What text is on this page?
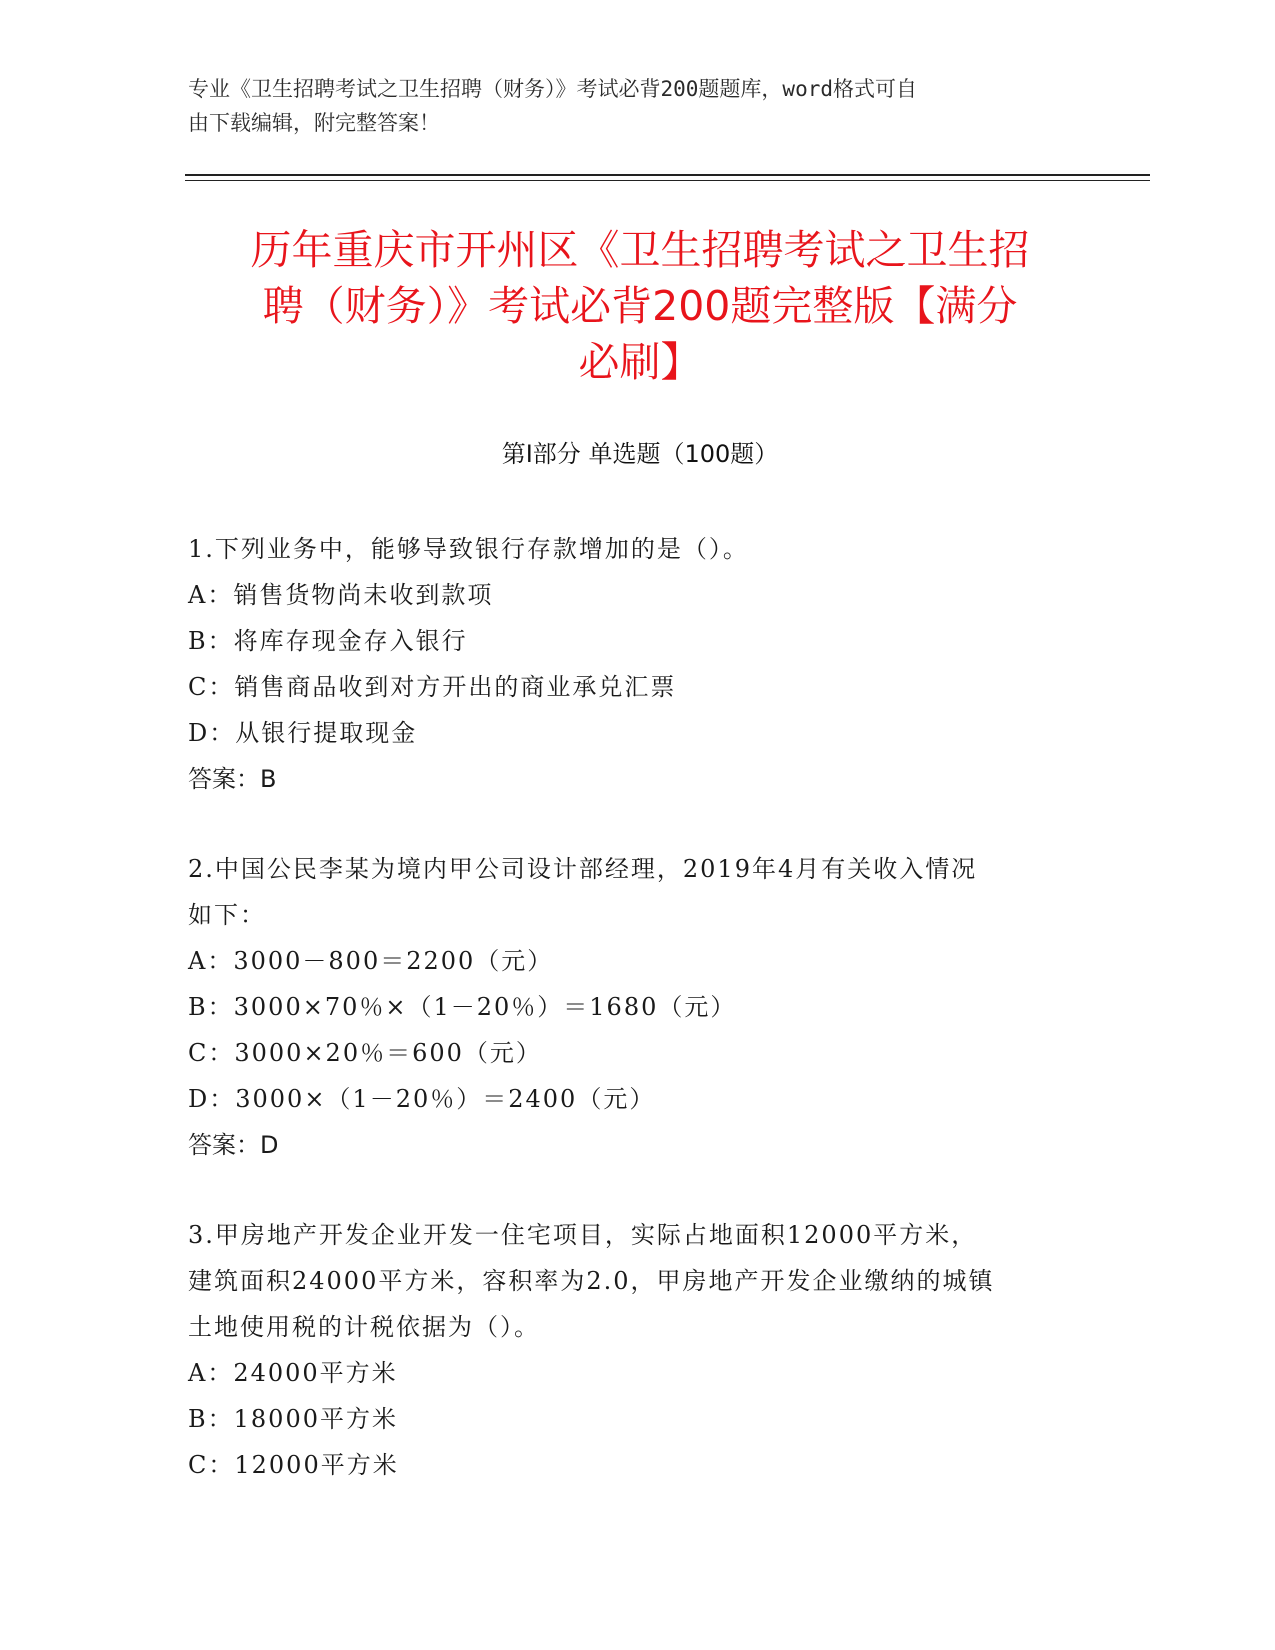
专业《卫生招聘考试之卫生招聘（财务）》考试必背200题题库，word格式可自
由下载编辑，附完整答案！
历年重庆市开州区《卫生招聘考试之卫生招
聘（财务）》考试必背200题完整版【满分
必刷】
第I部分 单选题（100题）

1.下列业务中，能够导致银行存款增加的是（）。

A：销售货物尚未收到款项

B：将库存现金存入银行

C：销售商品收到对方开出的商业承兑汇票

D：从银行提取现金

答案：B

2.中国公民李某为境内甲公司设计部经理，2019年4月有关收入情况

如下：

A：3000－800＝2200（元）

B：3000×70％×（1－20％）＝1680（元）

C：3000×20％＝600（元）

D：3000×（1－20％）＝2400（元）

答案：D

3.甲房地产开发企业开发一住宅项目，实际占地面积12000平方米，

建筑面积24000平方米，容积率为2.0，甲房地产开发企业缴纳的城镇

土地使用税的计税依据为（）。

A：24000平方米

B：18000平方米

C：12000平方米
